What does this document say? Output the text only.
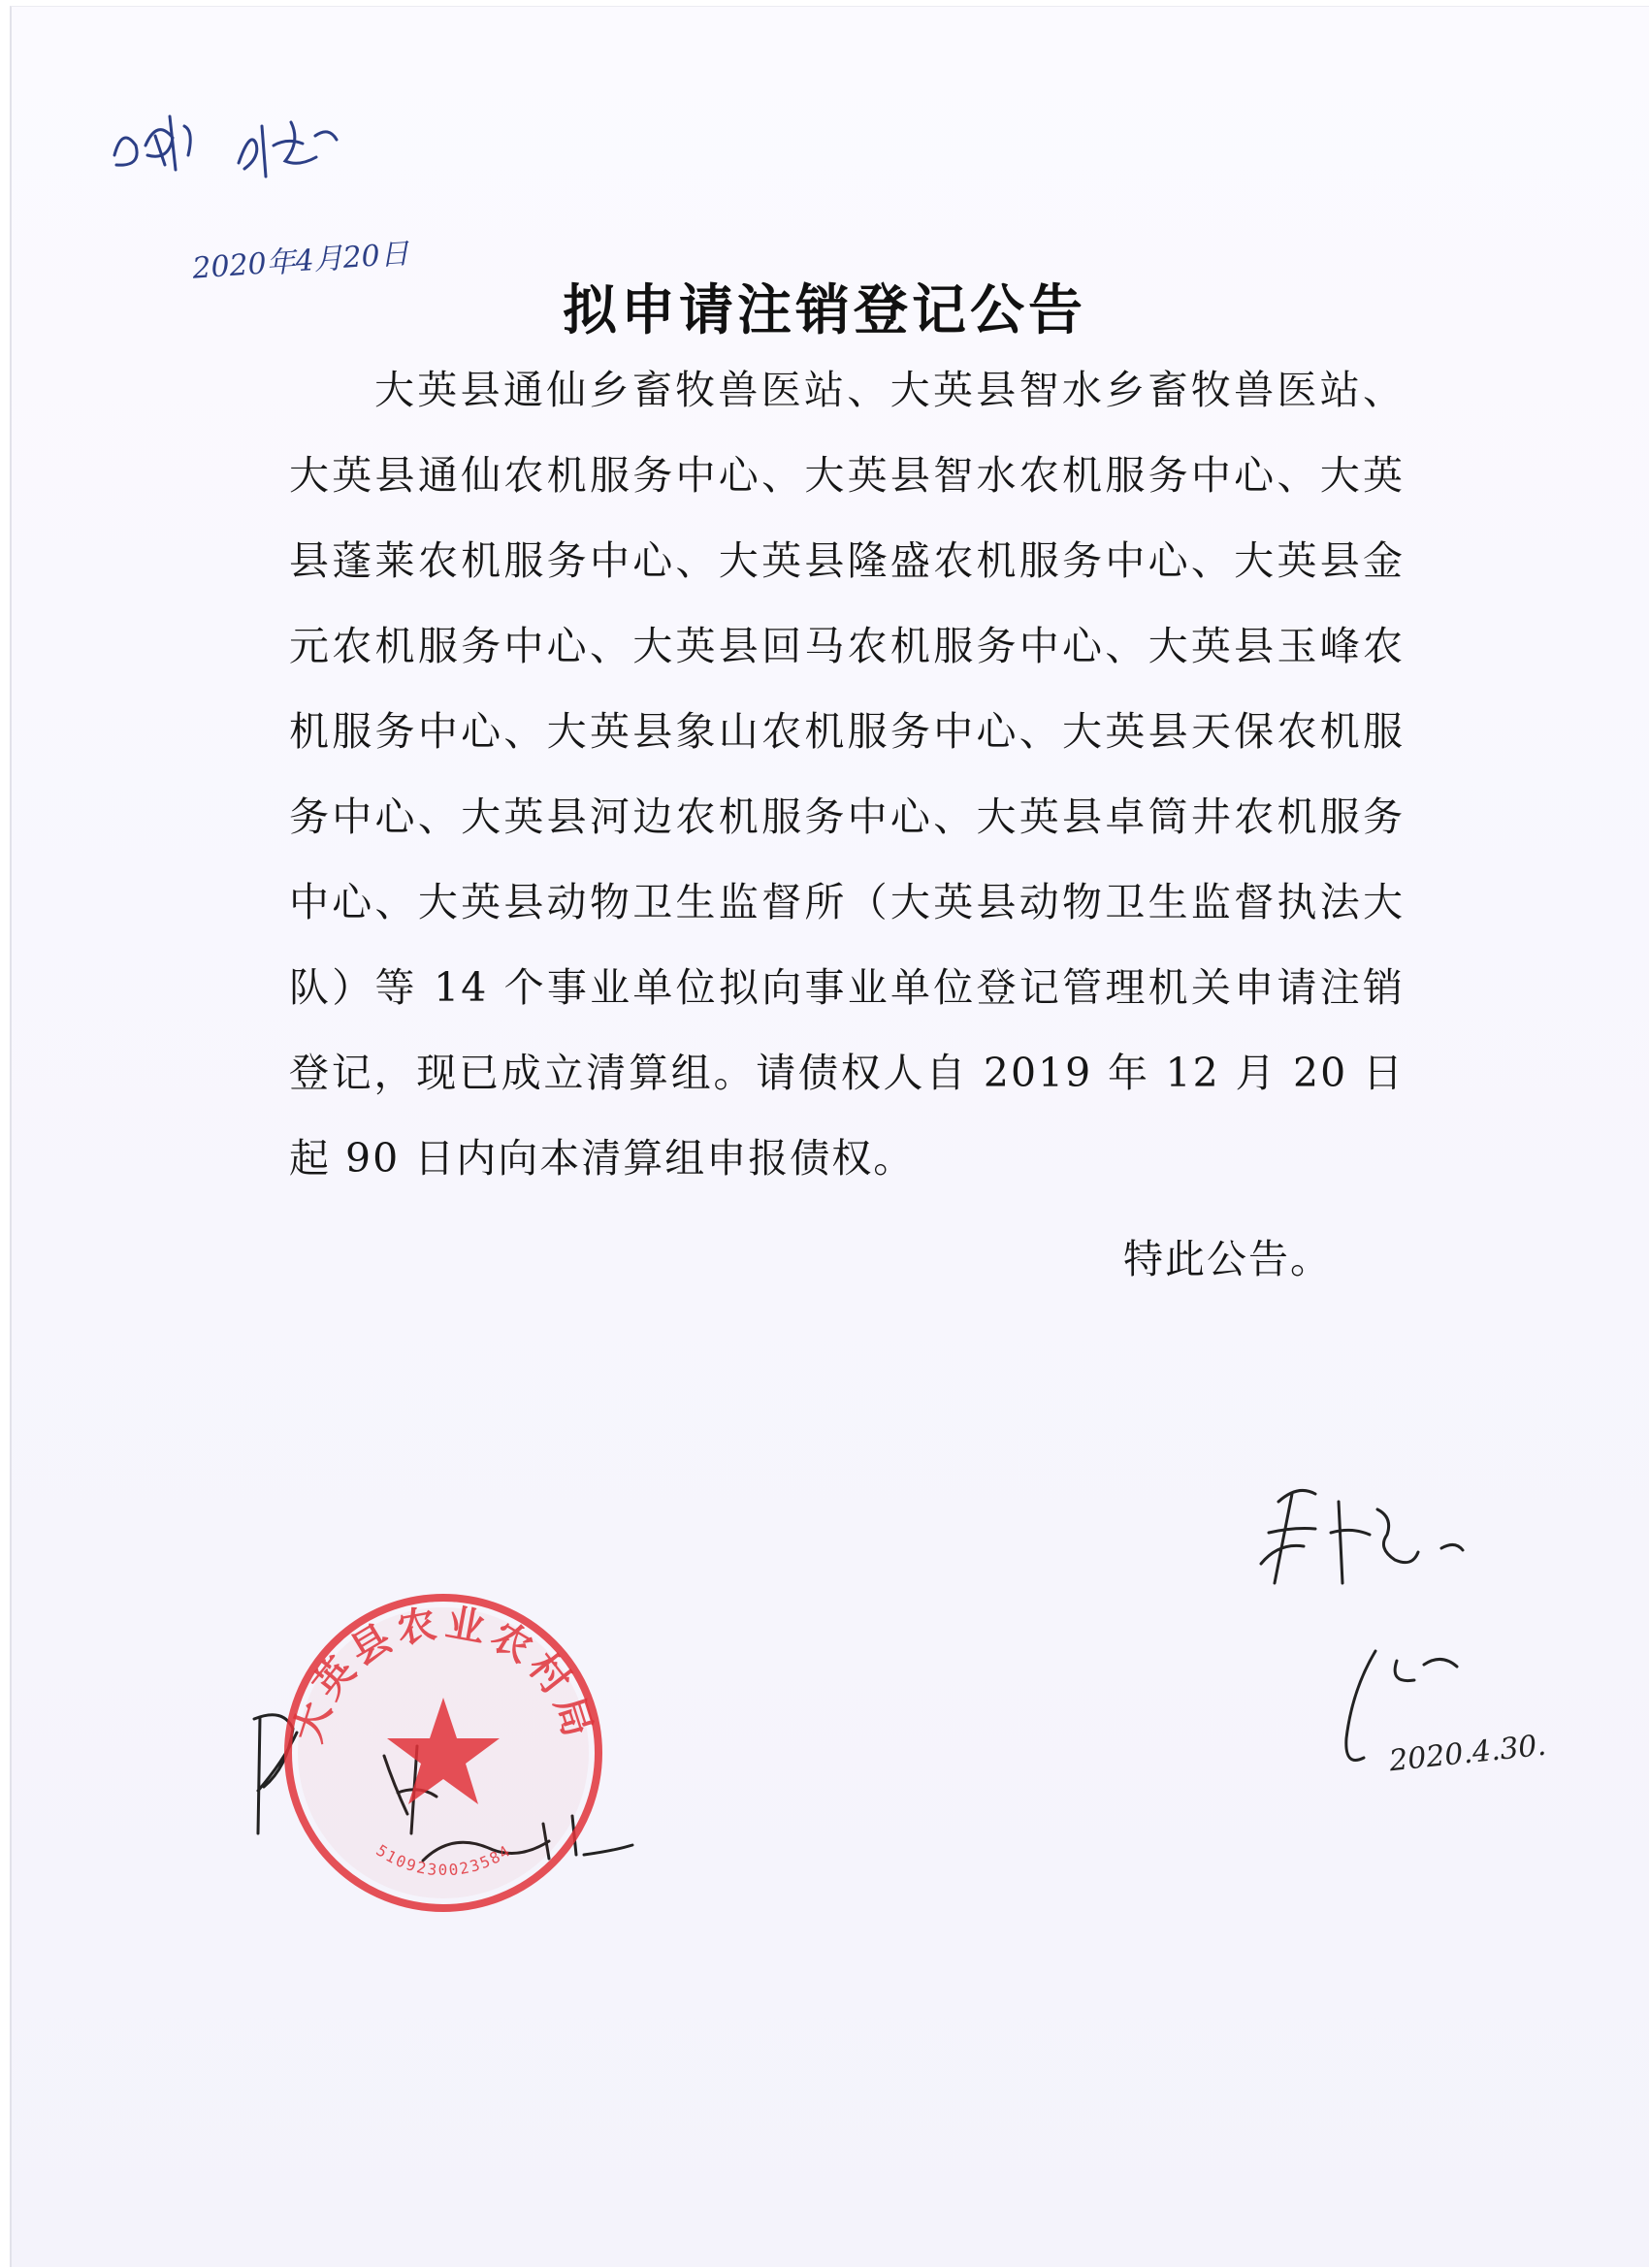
2020年4月20日
拟申请注销登记公告

大英县通仙乡畜牧兽医站、大英县智水乡畜牧兽医站、大英县通仙农机服务中心、大英县智水农机服务中心、大英县蓬莱农机服务中心、大英县隆盛农机服务中心、大英县金元农机服务中心、大英县回马农机服务中心、大英县玉峰农机服务中心、大英县象山农机服务中心、大英县天保农机服务中心、大英县河边农机服务中心、大英县卓筒井农机服务中心、大英县动物卫生监督所（大英县动物卫生监督执法大队）等 14 个事业单位拟向事业单位登记管理机关申请注销登记，现已成立清算组。请债权人自 2019 年 12 月 20 日起 90 日内向本清算组申报债权。

特此公告。
2020.4.30.
大英县农业农村局
5109230023584
